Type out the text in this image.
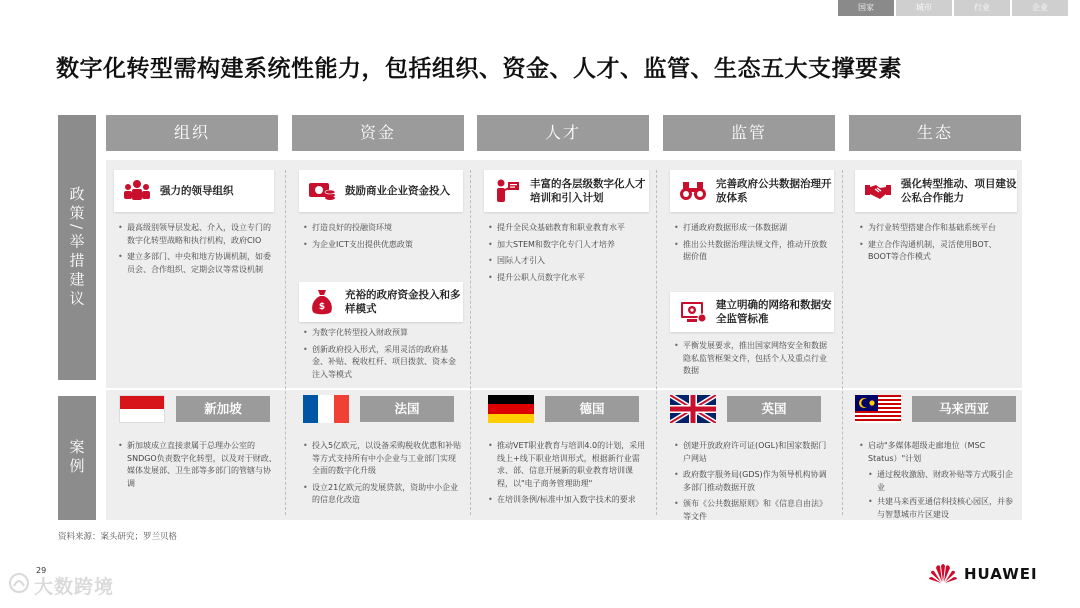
国家	城市	行业	企业
数字化转型需构建系统性能力，包括组织、资金、人才、监管、生态五大支撑要素
政策/举措建议
案例
组织	资金	人才	监管	生态
强力的领导组织
• 最高级别领导层发起、介入，设立专门的数字化转型战略和执行机构，政府CIO
• 建立多部门、中央和地方协调机制，如委员会、合作组织、定期会议等常设机制
鼓励商业企业资金投入
• 打造良好的投融资环境
• 为企业ICT支出提供优惠政策
$
充裕的政府资金投入和多样模式
• 为数字化转型投入财政预算
• 创新政府投入形式，采用灵活的政府基金、补贴、税收杠杆、项目拨款、资本金注入等模式
丰富的各层级数字化人才培训和引入计划
• 提升全民众基础教育和职业教育水平
• 加大STEM和数字化专门人才培养
• 国际人才引入
• 提升公职人员数字化水平
完善政府公共数据治理开放体系
• 打通政府数据形成一体数据湖
• 推出公共数据治理法规文件，推动开放数据价值
建立明确的网络和数据安全监管标准
• 平衡发展要求，推出国家网络安全和数据隐私监管框架文件，包括个人及重点行业数据
强化转型推动、项目建设公私合作能力
• 为行业转型搭建合作和基础系统平台
• 建立合作沟通机制，灵活使用BOT、BOOT等合作模式
新加坡
• 新加坡成立直接隶属于总理办公室的SNDGO负责数字化转型，以及对于财政、媒体发展部、卫生部等多部门的管辖与协调
法国
• 投入5亿欧元，以设备采购税收优惠和补贴等方式支持所有中小企业与工业部门实现全面的数字化升级
• 设立21亿欧元的发展贷款，资助中小企业的信息化改造
德国
• 推动VET职业教育与培训4.0的计划，采用线上+线下职业培训形式，根据新行业需求、部、信息开展新的职业教育培训课程，以"电子商务管理助理"
• 在培训条例/标准中加入数字技术的要求
英国
• 创建开放政府许可证(OGL)和国家数据门户网站
• 政府数字服务局(GDS)作为领导机构协调多部门推动数据开放
• 颁布《公共数据原则》和《信息自由法》等文件
马来西亚
• 启动"多媒体超级走廊地位（MSC Status）"计划
• 通过税收激励、财政补贴等方式吸引企业
• 共建马来西亚通信科技核心园区，并参与智慧城市片区建设
资料来源：案头研究；罗兰贝格
29
大数跨境
HUAWEI
